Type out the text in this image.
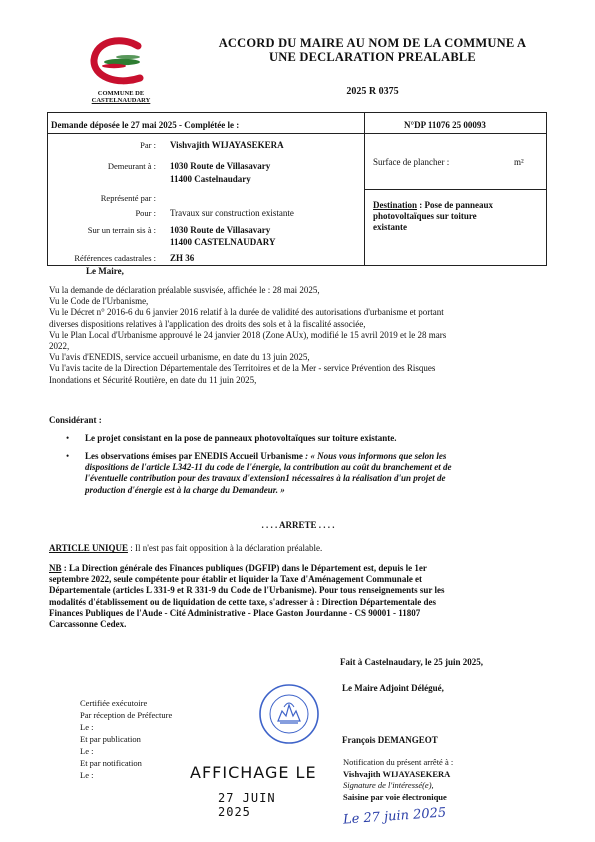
COMMUNE DE
CASTELNAUDARY
ACCORD DU MAIRE AU NOM DE LA COMMUNE A
UNE DECLARATION PREALABLE
2025 R 0375
Demande déposée le 27 mai 2025 - Complétée le :	N°DP 11076 25 00093
Par : Vishvajith WIJAYASEKERA
Demeurant à : 1030 Route de Villasavary
11400 Castelnaudary
Représenté par :
Pour : Travaux sur construction existante
Sur un terrain sis à : 1030 Route de Villasavary
11400 CASTELNAUDARY
Références cadastrales : ZH 36
Surface de plancher :	m²
Destination : Pose de panneaux
photovoltaïques sur toiture
existante
Le Maire,
Vu la demande de déclaration préalable susvisée, affichée le : 28 mai 2025,
Vu le Code de l'Urbanisme,
Vu le Décret n° 2016-6 du 6 janvier 2016 relatif à la durée de validité des autorisations d'urbanisme et portant
diverses dispositions relatives à l'application des droits des sols et à la fiscalité associée,
Vu le Plan Local d'Urbanisme approuvé le 24 janvier 2018 (Zone AUx), modifié le 15 avril 2019 et le 28 mars
2022,
Vu l'avis d'ENEDIS, service accueil urbanisme, en date du 13 juin 2025,
Vu l'avis tacite de la Direction Départementale des Territoires et de la Mer - service Prévention des Risques
Inondations et Sécurité Routière, en date du 11 juin 2025,
Considérant :
• Le projet consistant en la pose de panneaux photovoltaïques sur toiture existante.
• Les observations émises par ENEDIS Accueil Urbanisme : « Nous vous informons que selon les
dispositions de l'article L342-11 du code de l'énergie, la contribution au coût du branchement et de
l'éventuelle contribution pour des travaux d'extension1 nécessaires à la réalisation d'un projet de
production d'énergie est à la charge du Demandeur. »
. . . . ARRETE . . . .
ARTICLE UNIQUE : Il n'est pas fait opposition à la déclaration préalable.
NB : La Direction générale des Finances publiques (DGFIP) dans le Département est, depuis le 1er
septembre 2022, seule compétente pour établir et liquider la Taxe d'Aménagement Communale et
Départementale (articles L 331-9 et R 331-9 du Code de l'Urbanisme). Pour tous renseignements sur les
modalités d'établissement ou de liquidation de cette taxe, s'adresser à : Direction Départementale des
Finances Publiques de l'Aude - Cité Administrative - Place Gaston Jourdanne - CS 90001 - 11807
Carcassonne Cedex.
Fait à Castelnaudary, le 25 juin 2025,
Le Maire Adjoint Délégué,
François DEMANGEOT
Certifiée exécutoire
Par réception de Préfecture
Le :
Et par publication
Le :
Et par notification
Le :	AFFICHAGE LE
27 JUIN 2025
Notification du présent arrêté à :
Vishvajith WIJAYASEKERA
Signature de l'intéressé(e),
Saisine par voie électronique
Le 27 juin 2025
